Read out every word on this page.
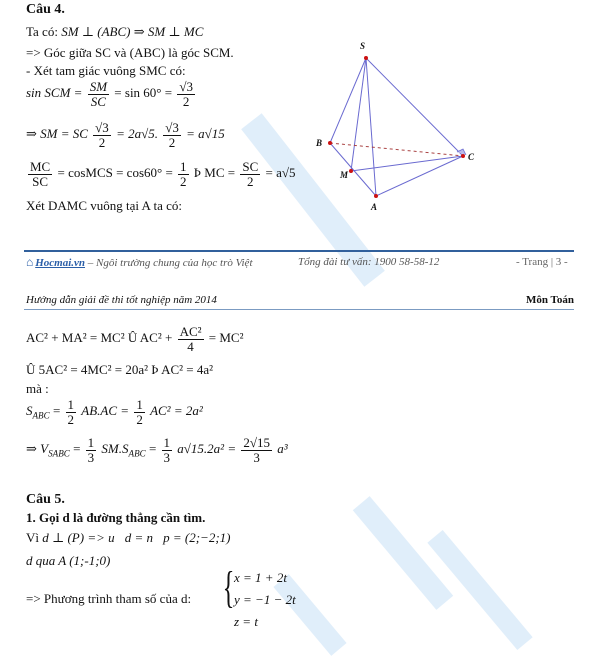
Câu 4.
Ta có: SM ⊥ (ABC) ⇒ SM ⊥ MC
=> Góc giữa SC và (ABC) là góc SCM.
- Xét tam giác vuông SMC có:
sin SCM = $\frac{SM}{SC} = \sin 60^\circ = \frac{√3}{2}$
⇒ SM = SC $\frac{√3}{2} = 2a√5$. $\frac{√3}{2} = a√15$
$\frac{MC}{SC}$ = cosMCS = $\cos 60^\circ = \frac{1}{2}$ Þ MC = $\frac{SC}{2} = a√5$
Xét DAMC vuông tại A ta có:
S
B
M
A
C
⌂ Hocmai.vn – Ngôi trường chung của học trò Việt	Tổng đài tư vấn: 1900 58-58-12	- Trang | 3 -
Hướng dẫn giải đề thi tốt nghiệp năm 2014	Môn Toán
AC² + MA² = MC² Û $AC^2 + \frac{\text{AC²}}{4} = MC^2$
Û 5AC² = 4MC² = 20a² Þ AC² = 4a²
mà :
$S_{ABC} = \frac{1}{2} AB.AC = \frac{1}{2} AC^2 = 2a^2$
⇒ $V_{SABC} = \frac{1}{3} SM.S_{ABC} = \frac{1}{3} a√15.2a^2 = \frac{2√15}{3} a^3$
Câu 5.
1. Gọi d là đường thẳng cần tìm.
Vì d ⊥ (P) => u⃗d = n⃗p = (2;−2;1)
d qua A (1;-1;0)
=> Phương trình tham số của d: { x = 1 + 2t
y = −1 − 2t
z = t
